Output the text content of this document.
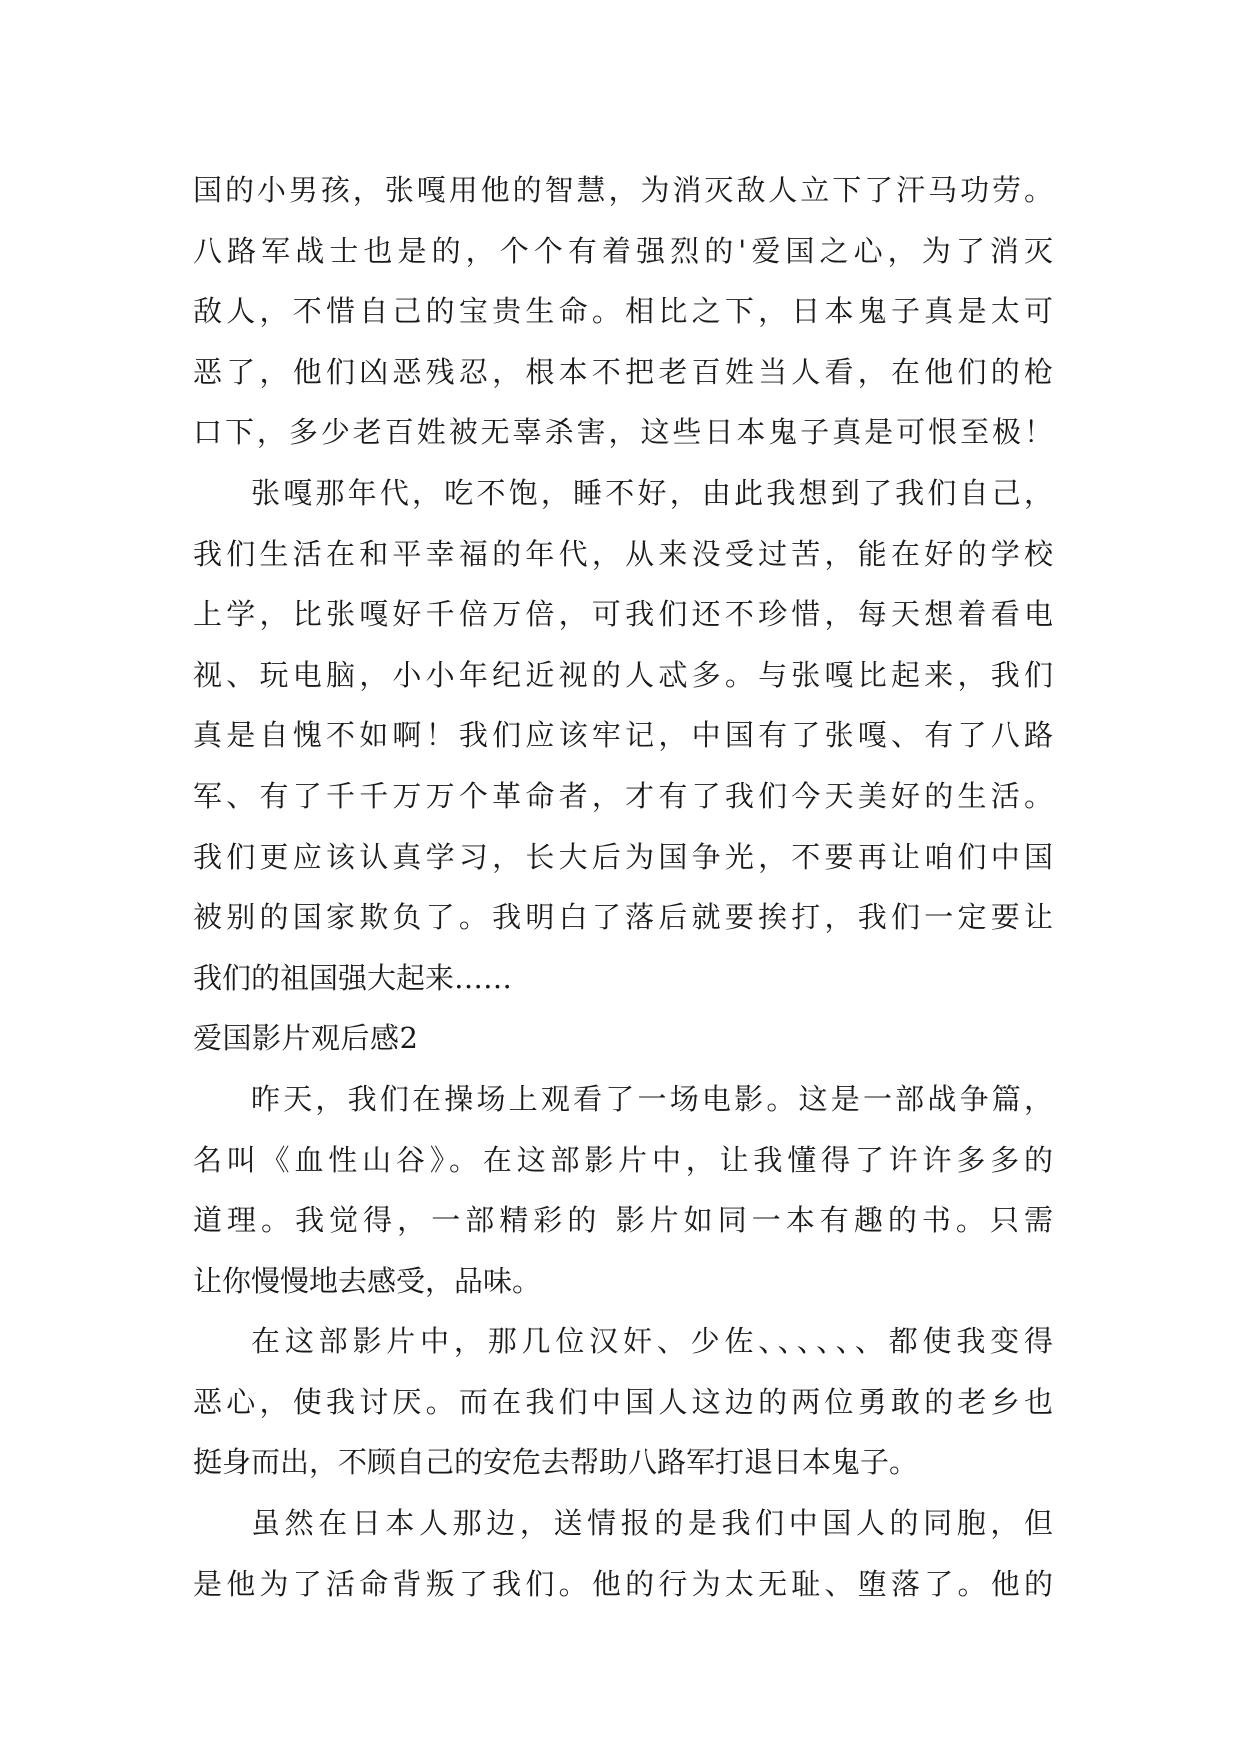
国的小男孩，张嘎用他的智慧，为消灭敌人立下了汗马功劳。
八路军战士也是的，个个有着强烈的'爱国之心，为了消灭
敌人，不惜自己的宝贵生命。相比之下，日本鬼子真是太可
恶了，他们凶恶残忍，根本不把老百姓当人看，在他们的枪
口下，多少老百姓被无辜杀害，这些日本鬼子真是可恨至极！
张嘎那年代，吃不饱，睡不好，由此我想到了我们自己，
我们生活在和平幸福的年代，从来没受过苦，能在好的学校
上学，比张嘎好千倍万倍，可我们还不珍惜，每天想着看电
视、玩电脑，小小年纪近视的人忒多。与张嘎比起来，我们
真是自愧不如啊！我们应该牢记，中国有了张嘎、有了八路
军、有了千千万万个革命者，才有了我们今天美好的生活。
我们更应该认真学习，长大后为国争光，不要再让咱们中国
被别的国家欺负了。我明白了落后就要挨打，我们一定要让
我们的祖国强大起来……
爱国影片观后感2
昨天，我们在操场上观看了一场电影。这是一部战争篇，
名叫《血性山谷》。在这部影片中，让我懂得了许许多多的
道理。我觉得，一部精彩的 影片如同一本有趣的书。只需
让你慢慢地去感受，品味。
在这部影片中，那几位汉奸、少佐、、、、、、都使我变得
恶心，使我讨厌。而在我们中国人这边的两位勇敢的老乡也
挺身而出，不顾自己的安危去帮助八路军打退日本鬼子。
虽然在日本人那边，送情报的是我们中国人的同胞，但
是他为了活命背叛了我们。他的行为太无耻、堕落了。他的
